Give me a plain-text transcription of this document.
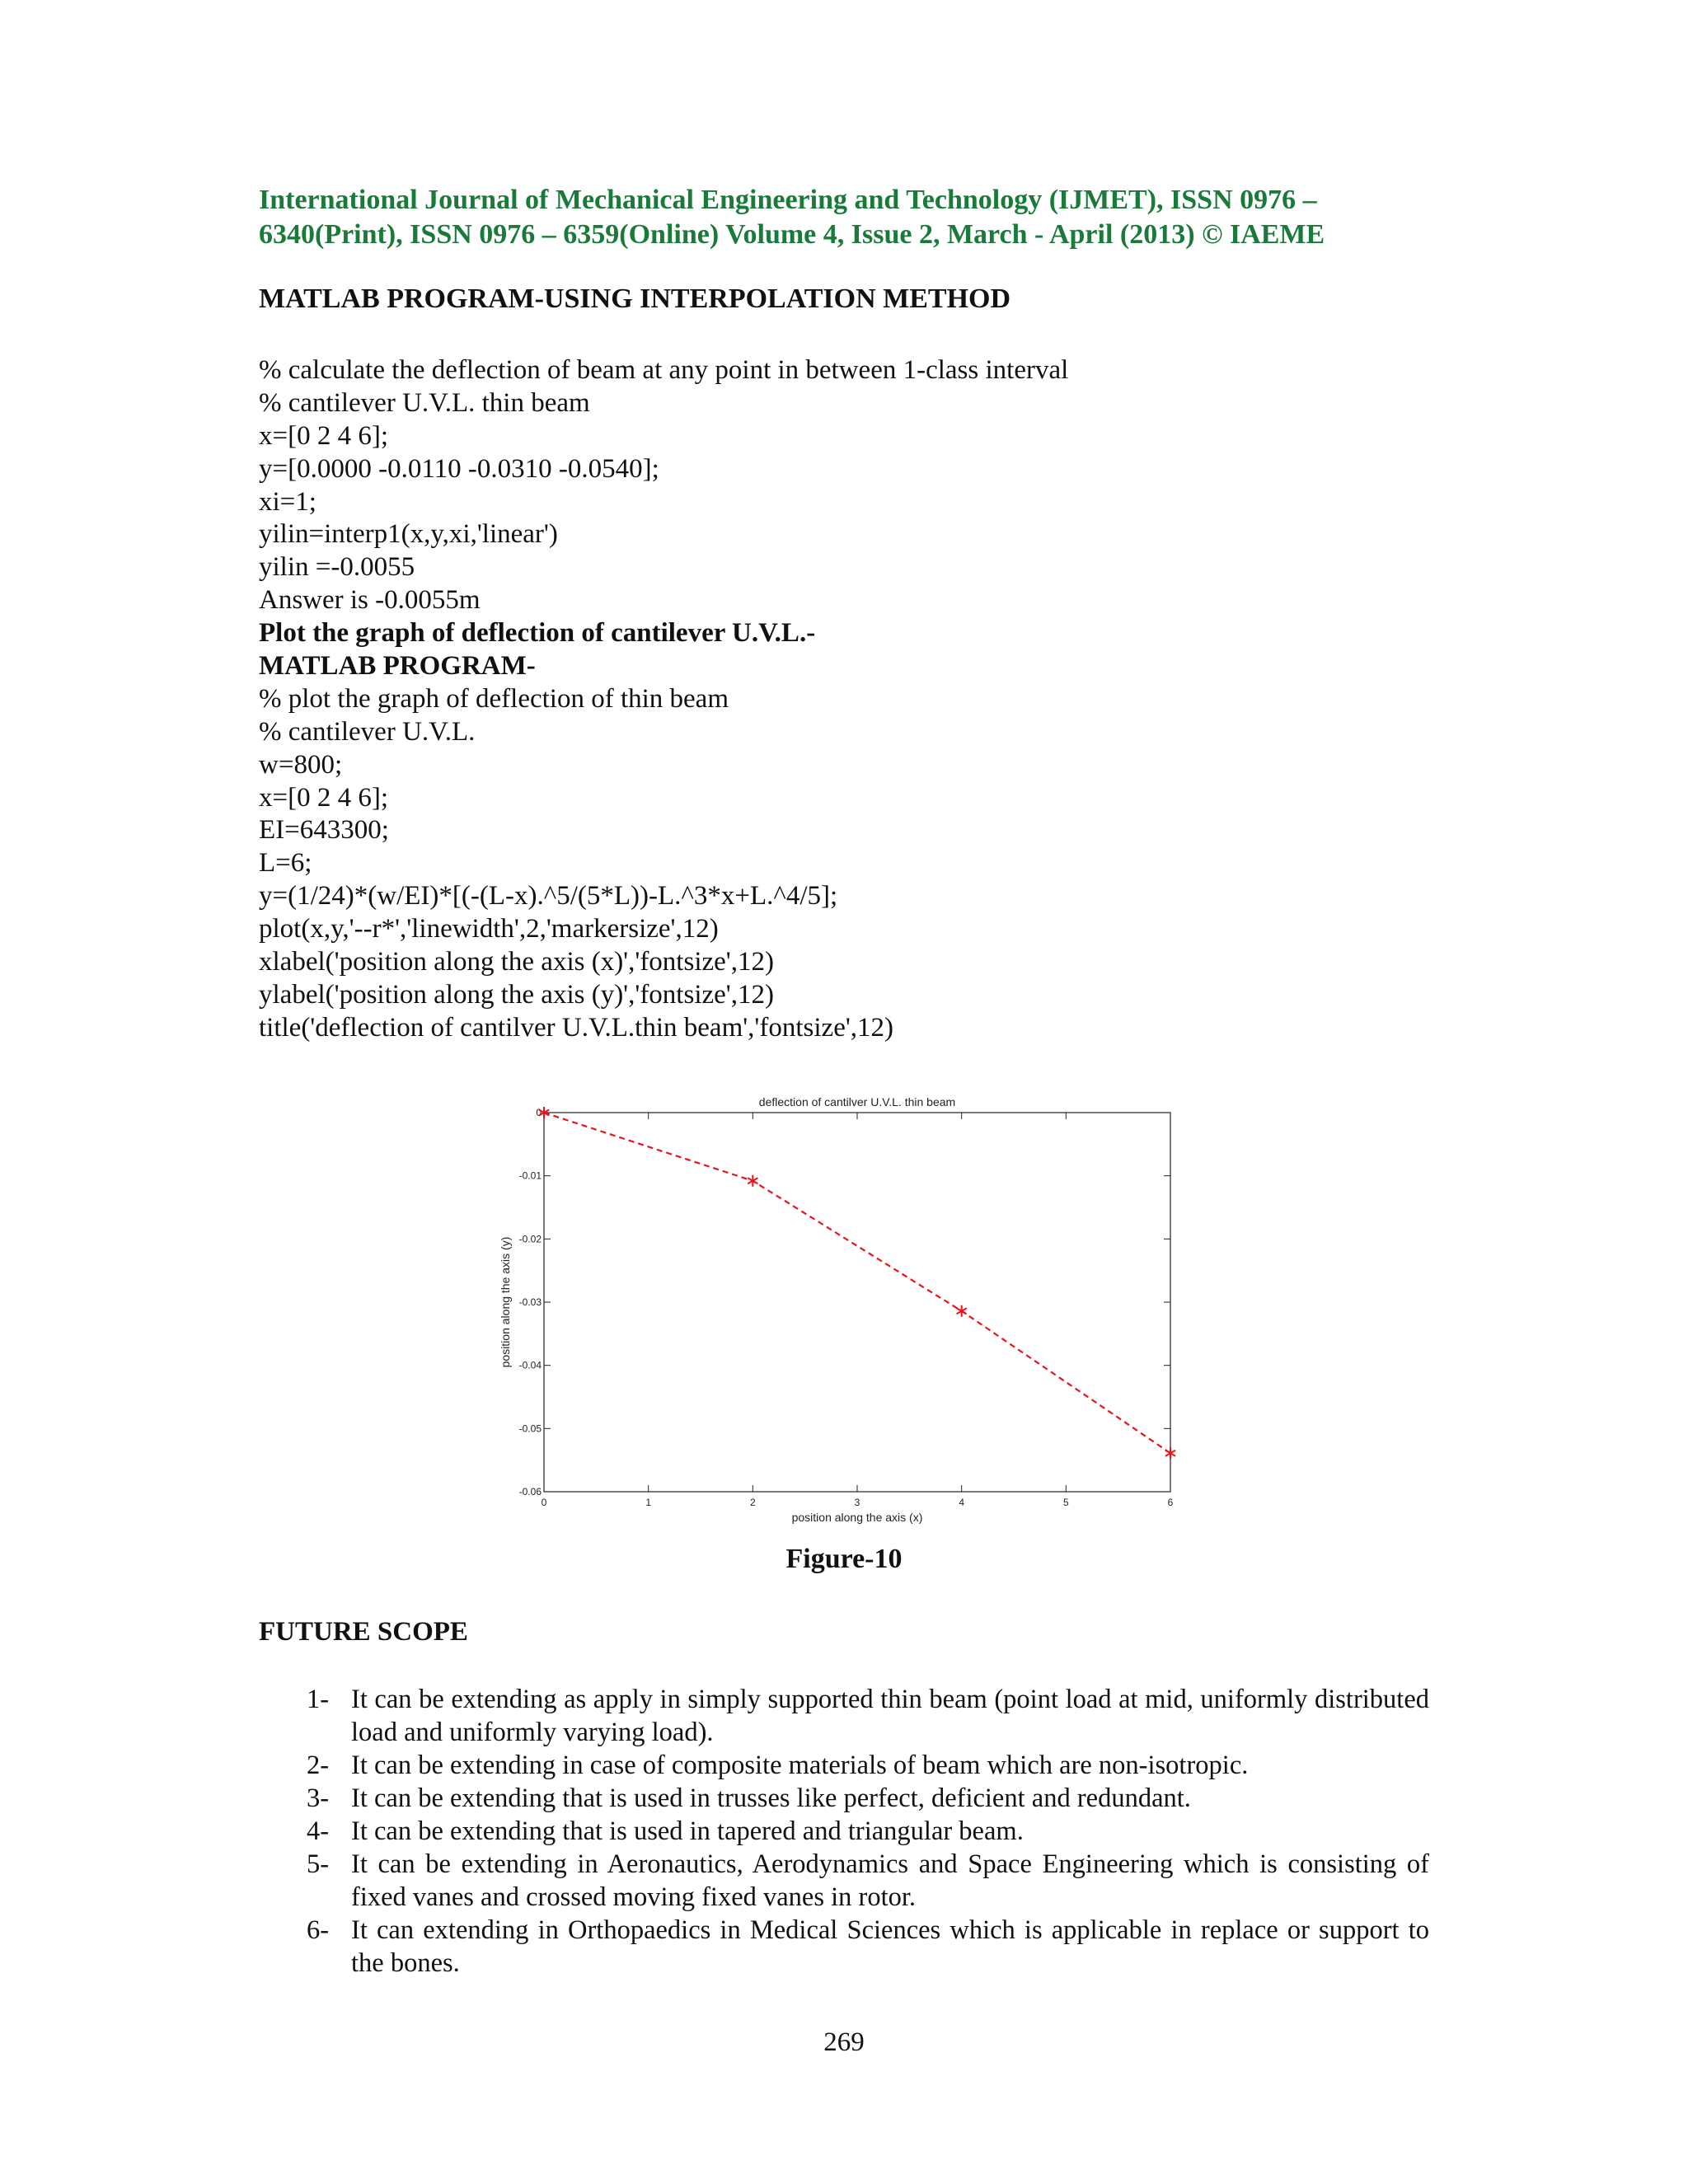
International Journal of Mechanical Engineering and Technology (IJMET), ISSN 0976 –
6340(Print), ISSN 0976 – 6359(Online) Volume 4, Issue 2, March - April (2013) © IAEME
MATLAB PROGRAM-USING INTERPOLATION METHOD
% calculate the deflection of beam at any point in between 1-class interval
% cantilever U.V.L. thin beam
x=[0 2 4 6];
y=[0.0000 -0.0110 -0.0310 -0.0540];
xi=1;
yilin=interp1(x,y,xi,'linear')
yilin =-0.0055
Answer is -0.0055m
Plot the graph of deflection of cantilever U.V.L.-
MATLAB PROGRAM-
% plot the graph of deflection of thin beam
% cantilever U.V.L.
w=800;
x=[0 2 4 6];
EI=643300;
L=6;
y=(1/24)*(w/EI)*[(-(L-x).^5/(5*L))-L.^3*x+L.^4/5];
plot(x,y,'--r*','linewidth',2,'markersize',12)
xlabel('position along the axis (x)','fontsize',12)
ylabel('position along the axis (y)','fontsize',12)
title('deflection of cantilver U.V.L.thin beam','fontsize',12)
0	1	2	3	4	5	6
0
-0.01
-0.02
-0.03
-0.04
-0.05
-0.06
deflection of cantilver U.V.L. thin beam
position along the axis (x)
position along the axis (y)
Figure-10
FUTURE SCOPE
1- It can be extending as apply in simply supported thin beam (point load at mid, uniformly distributed load and uniformly varying load).
2- It can be extending in case of composite materials of beam which are non-isotropic.
3- It can be extending that is used in trusses like perfect, deficient and redundant.
4- It can be extending that is used in tapered and triangular beam.
5- It can be extending in Aeronautics, Aerodynamics and Space Engineering which is consisting of fixed vanes and crossed moving fixed vanes in rotor.
6- It can extending in Orthopaedics in Medical Sciences which is applicable in replace or support to the bones.
269
